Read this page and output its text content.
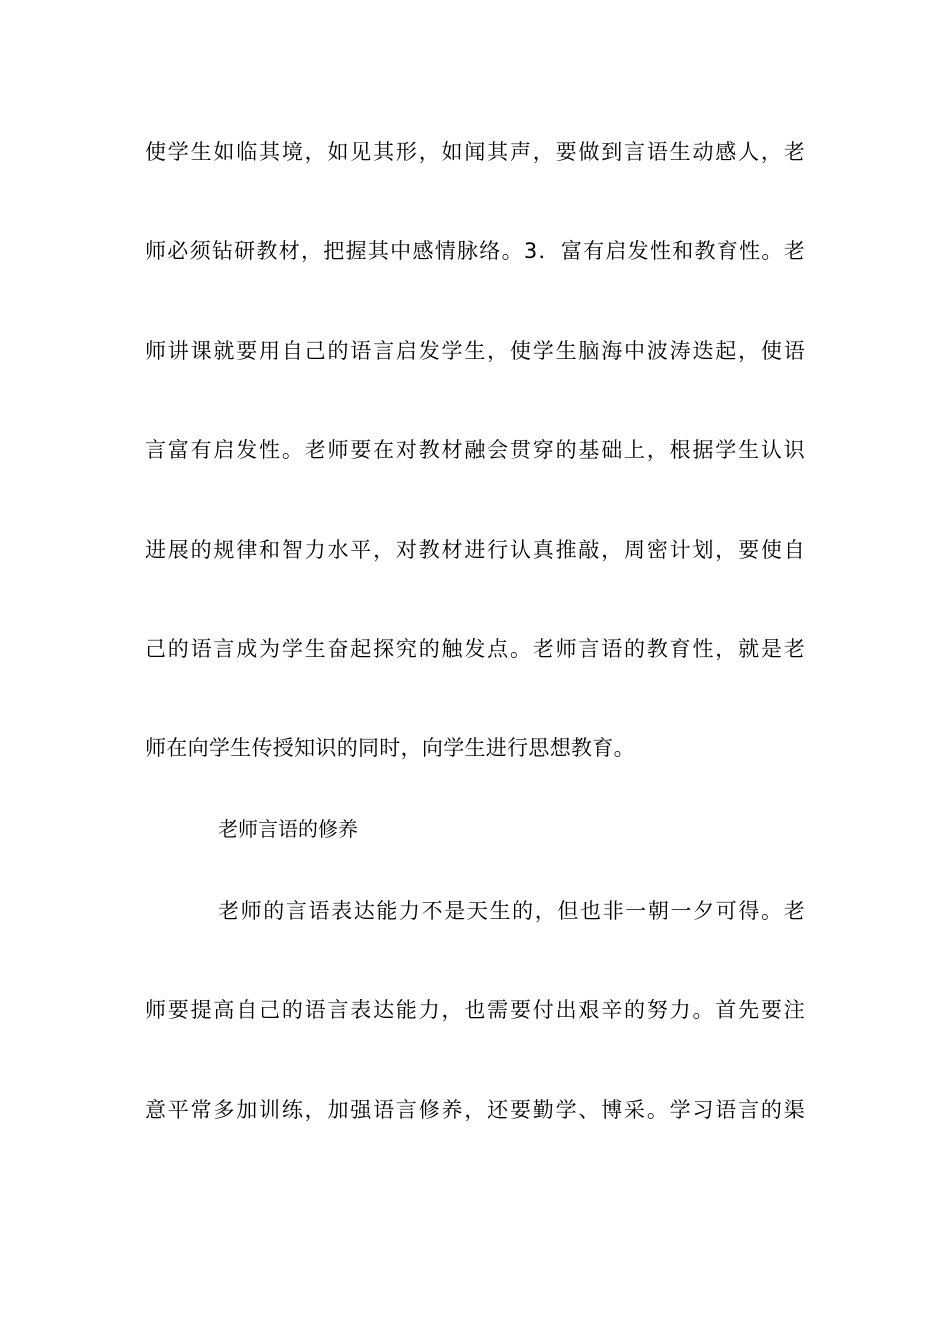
使学生如临其境，如见其形，如闻其声，要做到言语生动感人，老
师必须钻研教材，把握其中感情脉络。3．富有启发性和教育性。老
师讲课就要用自己的语言启发学生，使学生脑海中波涛迭起，使语
言富有启发性。老师要在对教材融会贯穿的基础上，根据学生认识
进展的规律和智力水平，对教材进行认真推敲，周密计划，要使自
己的语言成为学生奋起探究的触发点。老师言语的教育性，就是老
师在向学生传授知识的同时，向学生进行思想教育。
老师言语的修养
老师的言语表达能力不是天生的，但也非一朝一夕可得。老
师要提高自己的语言表达能力，也需要付出艰辛的努力。首先要注
意平常多加训练，加强语言修养，还要勤学、博采。学习语言的渠
